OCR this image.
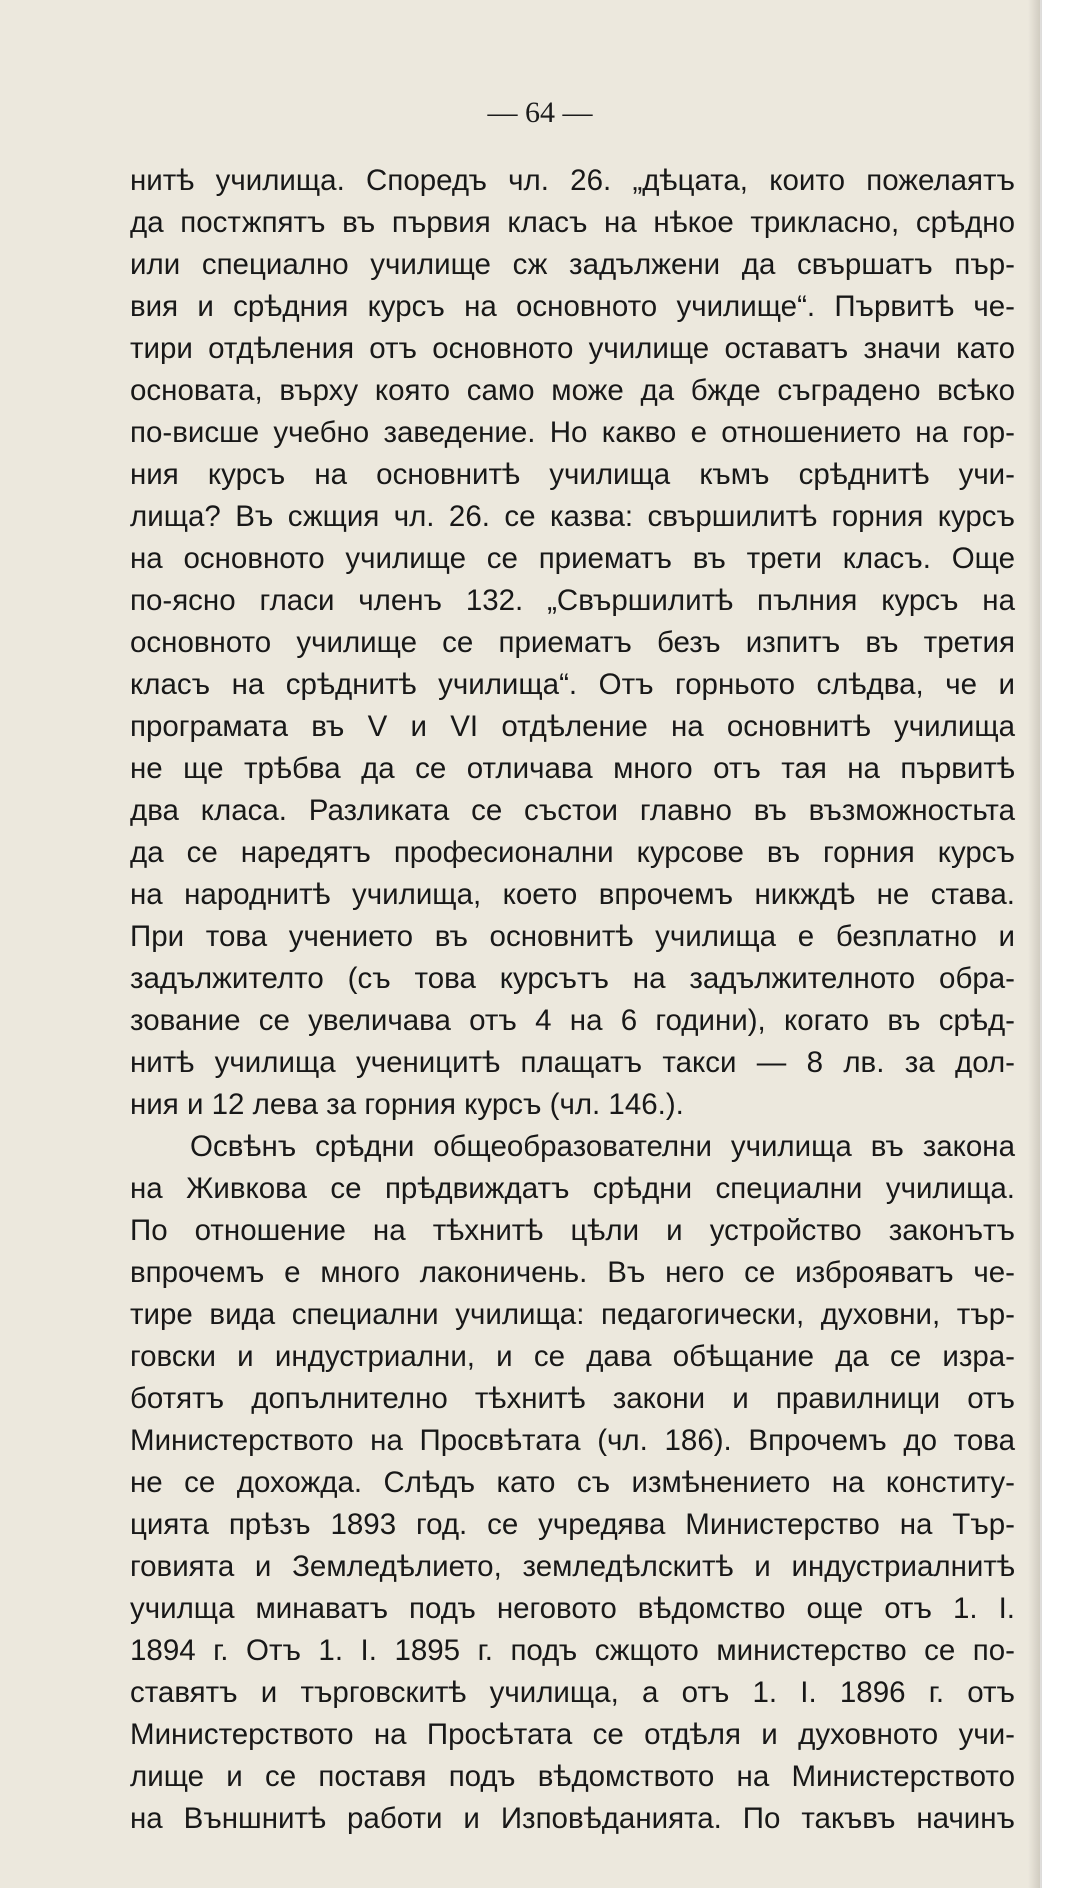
— 64 —
нитѣ училища. Споредъ чл. 26. „дѣцата, които пожелаятъ
да постжпятъ въ първия класъ на нѣкое трикласно, срѣдно
или специално училище сж задължени да свършатъ пър-
вия и срѣдния курсъ на основното училище“. Първитѣ че-
тири отдѣления отъ основното училище оставатъ значи като
основата, върху която само може да бжде съградено всѣко
по-висше учебно заведение. Но какво е отношението на гор-
ния курсъ на основнитѣ училища къмъ срѣднитѣ учи-
лища? Въ сжщия чл. 26. се казва: свършилитѣ горния курсъ
на основното училище се приематъ въ трети класъ. Още
по-ясно гласи членъ 132. „Свършилитѣ пълния курсъ на
основното училище се приематъ безъ изпитъ въ третия
класъ на срѣднитѣ училища“. Отъ горньото слѣдва, че и
програмата въ V и VI отдѣление на основнитѣ училища
не ще трѣбва да се отличава много отъ тая на първитѣ
два класа. Разликата се състои главно въ възможностьта
да се наредятъ професионални курсове въ горния курсъ
на народнитѣ училища, което впрочемъ никждѣ не става.
При това учението въ основнитѣ училища е безплатно и
задължителто (съ това курсътъ на задължителното обра-
зование се увеличава отъ 4 на 6 години), когато въ срѣд-
нитѣ училища ученицитѣ плащатъ такси — 8 лв. за дол-
ния и 12 лева за горния курсъ (чл. 146.).
Освѣнъ срѣдни общеобразователни училища въ закона
на Живкова се прѣдвиждатъ срѣдни специални училища.
По отношение на тѣхнитѣ цѣли и устройство законътъ
впрочемъ е много лаконичень. Въ него се изброяватъ че-
тире вида специални училища: педагогически, духовни, тър-
говски и индустриални, и се дава обѣщание да се изра-
ботятъ допълнително тѣхнитѣ закони и правилници отъ
Министерството на Просвѣтата (чл. 186). Впрочемъ до това
не се дохожда. Слѣдъ като съ измѣнението на конститу-
цията прѣзъ 1893 год. се учредява Министерство на Тър-
говията и Земледѣлието, земледѣлскитѣ и индустриалнитѣ
училща минаватъ подъ неговото вѣдомство още отъ 1. I.
1894 г. Отъ 1. I. 1895 г. подъ сжщото министерство се по-
ставятъ и търговскитѣ училища, а отъ 1. I. 1896 г. отъ
Министерството на Просѣтата се отдѣля и духовното учи-
лище и се поставя подъ вѣдомството на Министерството
на Външнитѣ работи и Изповѣданията. По такъвъ начинъ
